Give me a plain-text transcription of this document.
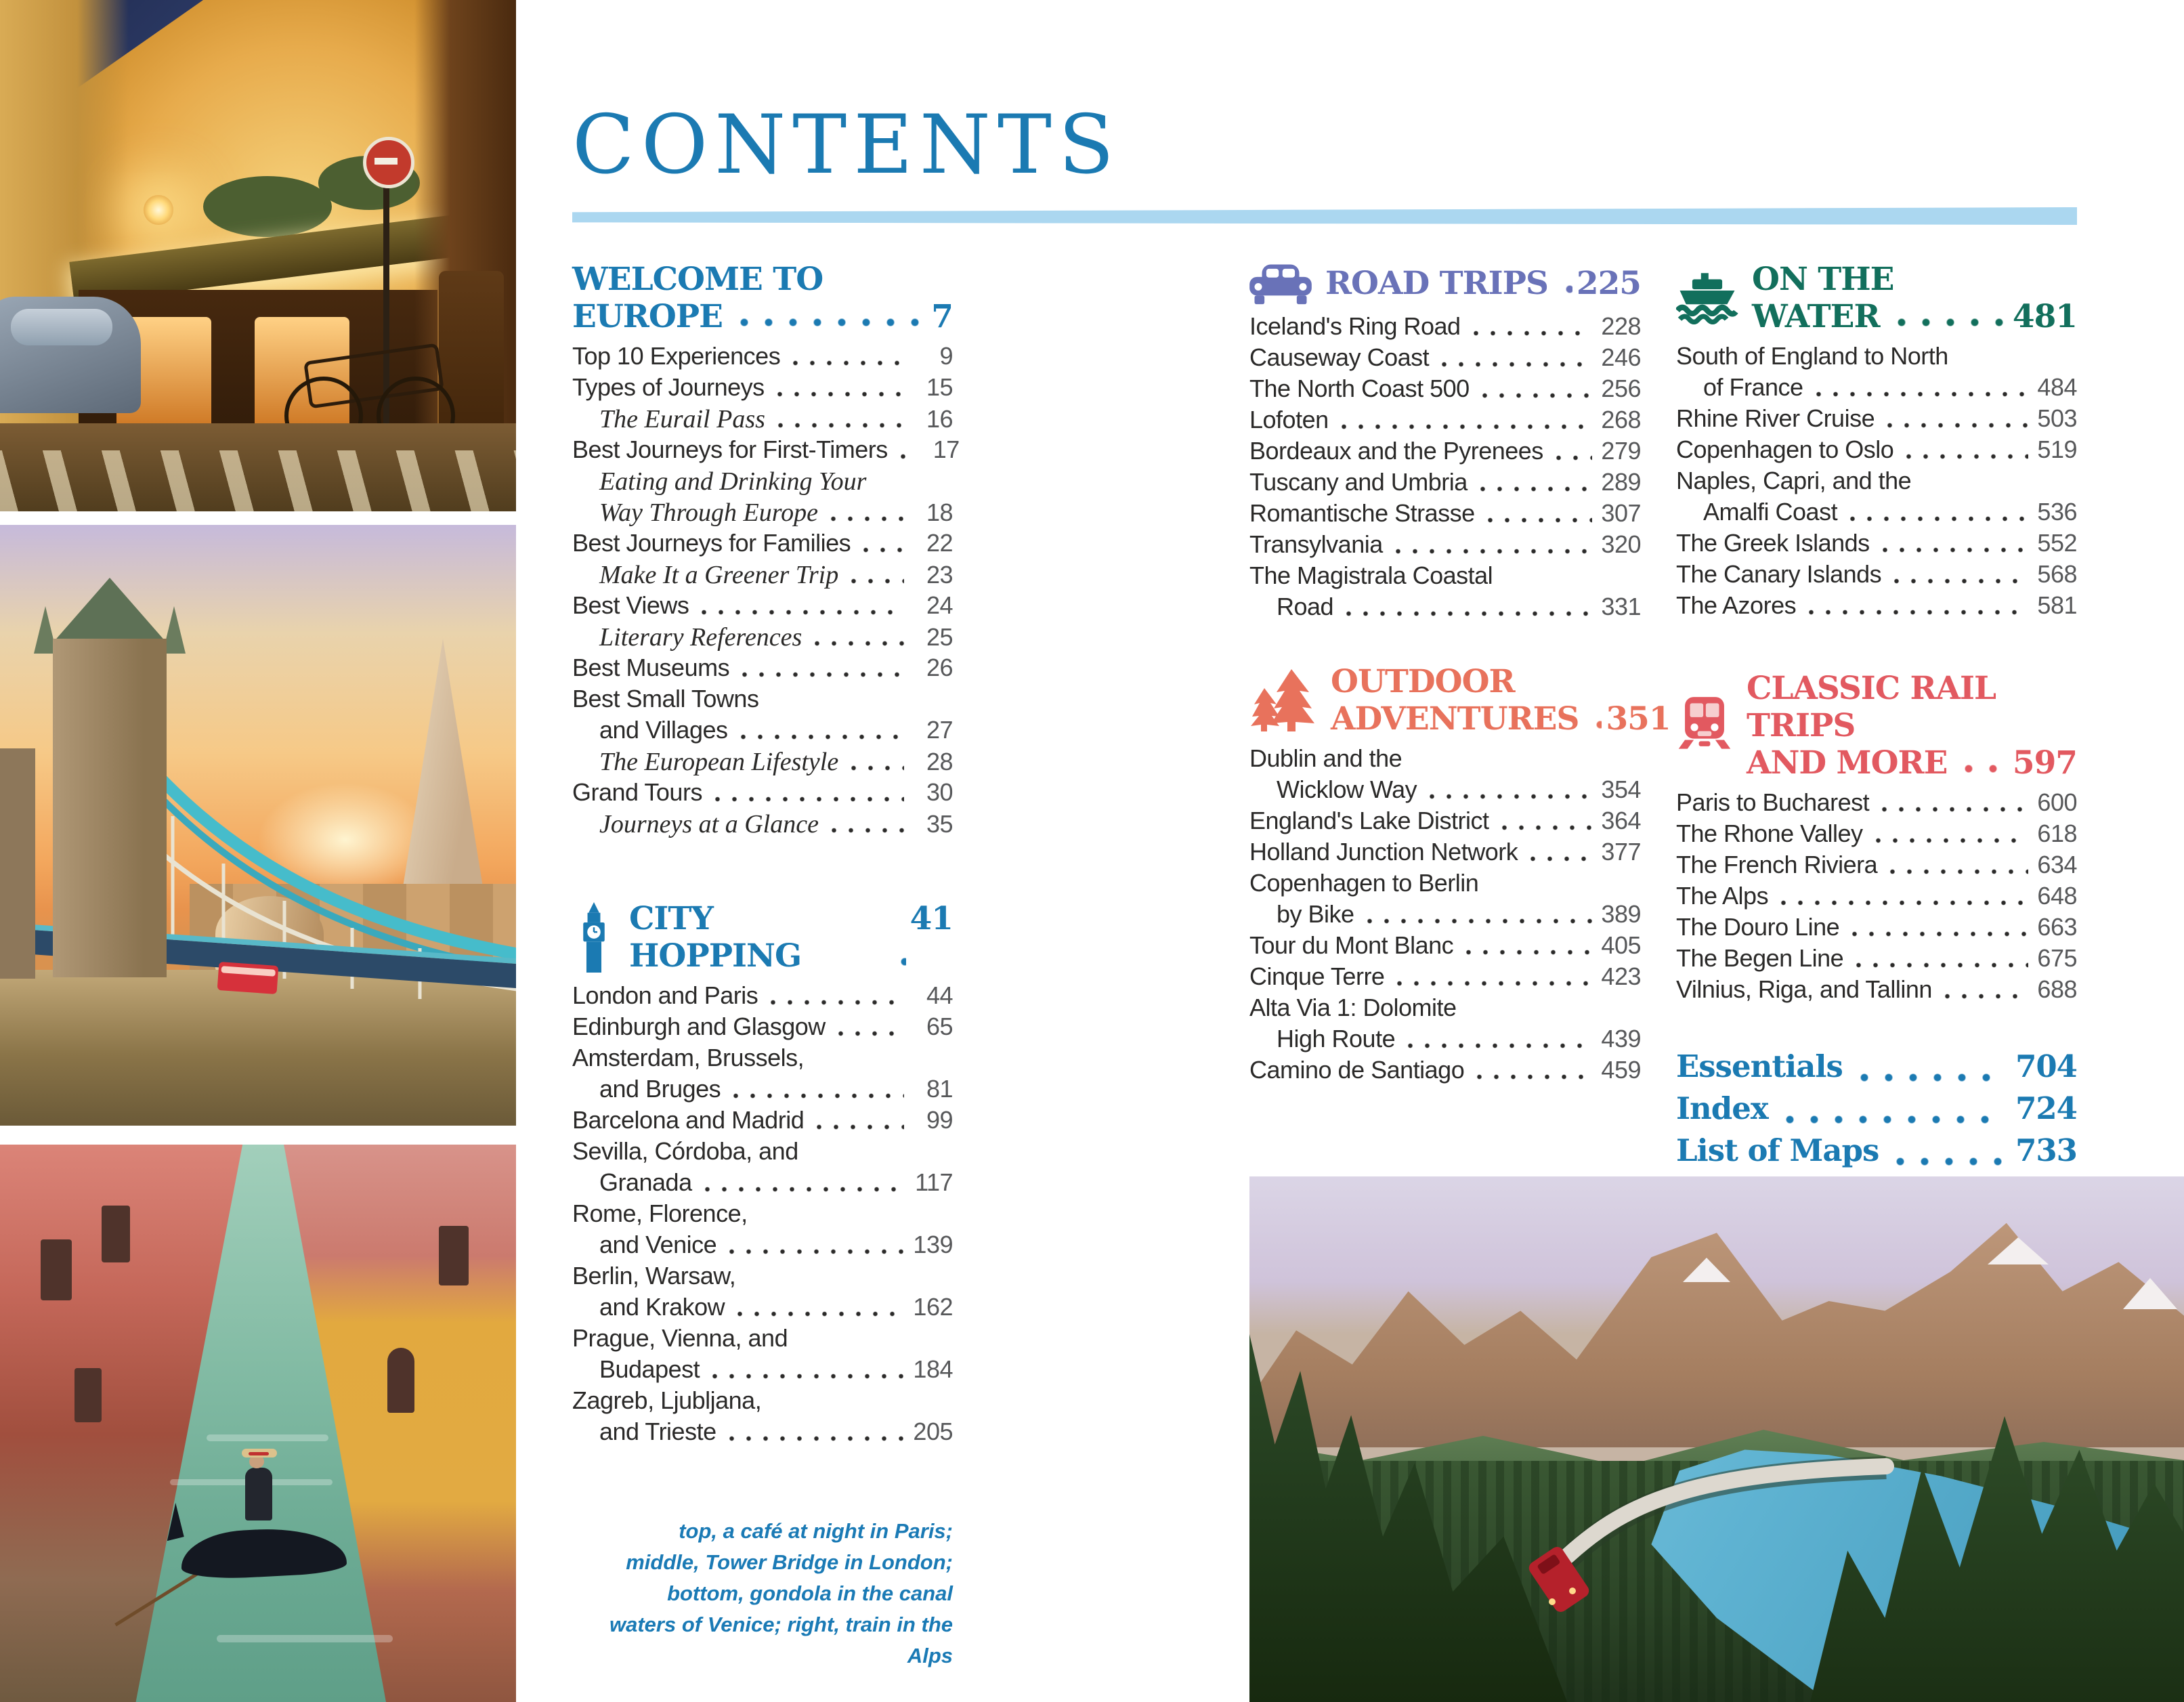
CONTENTS
WELCOME TO
EUROPE	7
Top 10 Experiences	9
Types of Journeys	15
The Eurail Pass	16
Best Journeys for First-Timers	17
Eating and Drinking Your
Way Through Europe	18
Best Journeys for Families	22
Make It a Greener Trip	23
Best Views	24
Literary References	25
Best Museums	26
Best Small Towns
and Villages	27
The European Lifestyle	28
Grand Tours	30
Journeys at a Glance	35
CITY HOPPING
41
London and Paris	44
Edinburgh and Glasgow	65
Amsterdam, Brussels,
and Bruges	81
Barcelona and Madrid	99
Sevilla, Córdoba, and
Granada	117
Rome, Florence,
and Venice	139
Berlin, Warsaw,
and Krakow	162
Prague, Vienna, and
Budapest	184
Zagreb, Ljubljana,
and Trieste	205
ROAD TRIPS 225
Iceland's Ring Road	228
Causeway Coast	246
The North Coast 500	256
Lofoten	268
Bordeaux and the Pyrenees 279
Tuscany and Umbria	289
Romantische Strasse	307
Transylvania	320
The Magistrala Coastal
Road	331
OUTDOOR
ADVENTURES 351
Dublin and the
Wicklow Way	354
England's Lake District	364
Holland Junction Network	377
Copenhagen to Berlin
by Bike	389
Tour du Mont Blanc	405
Cinque Terre	423
Alta Via 1: Dolomite
High Route	439
Camino de Santiago	459
ON THE
WATER	481
South of England to North
of France	484
Rhine River Cruise	503
Copenhagen to Oslo	519
Naples, Capri, and the
Amalfi Coast	536
The Greek Islands	552
The Canary Islands	568
The Azores	581
CLASSIC RAIL TRIPS
AND MORE 597
Paris to Bucharest	600
The Rhone Valley	618
The French Riviera	634
The Alps	648
The Douro Line	663
The Begen Line	675
Vilnius, Riga, and Tallinn	688
Essentials	704
Index	724
List of Maps	733
top, a café at night in Paris;
middle, Tower Bridge in London;
bottom, gondola in the canal
waters of Venice; right, train in the Alps
